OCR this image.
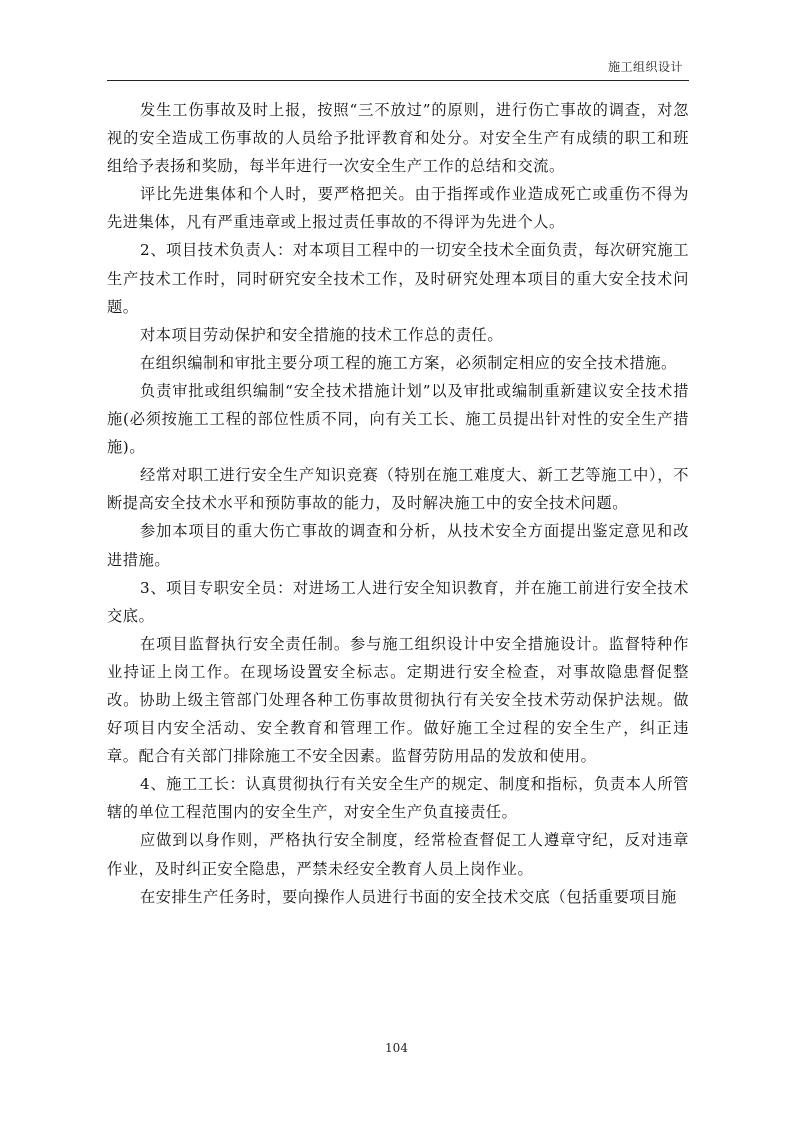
施工组织设计

发生工伤事故及时上报，按照“三不放过”的原则，进行伤亡事故的调查，对忽视的安全造成工伤事故的人员给予批评教育和处分。对安全生产有成绩的职工和班组给予表扬和奖励，每半年进行一次安全生产工作的总结和交流。

评比先进集体和个人时，要严格把关。由于指挥或作业造成死亡或重伤不得为先进集体，凡有严重违章或上报过责任事故的不得评为先进个人。

2、项目技术负责人：对本项目工程中的一切安全技术全面负责，每次研究施工生产技术工作时，同时研究安全技术工作，及时研究处理本项目的重大安全技术问题。

对本项目劳动保护和安全措施的技术工作总的责任。

在组织编制和审批主要分项工程的施工方案，必须制定相应的安全技术措施。

负责审批或组织编制“安全技术措施计划”以及审批或编制重新建议安全技术措施(必须按施工工程的部位性质不同，向有关工长、施工员提出针对性的安全生产措施)。

经常对职工进行安全生产知识竞赛（特别在施工难度大、新工艺等施工中），不断提高安全技术水平和预防事故的能力，及时解决施工中的安全技术问题。

参加本项目的重大伤亡事故的调查和分析，从技术安全方面提出鉴定意见和改进措施。

3、项目专职安全员：对进场工人进行安全知识教育，并在施工前进行安全技术交底。

在项目监督执行安全责任制。参与施工组织设计中安全措施设计。监督特种作业持证上岗工作。在现场设置安全标志。定期进行安全检查，对事故隐患督促整改。协助上级主管部门处理各种工伤事故贯彻执行有关安全技术劳动保护法规。做好项目内安全活动、安全教育和管理工作。做好施工全过程的安全生产，纠正违章。配合有关部门排除施工不安全因素。监督劳防用品的发放和使用。

4、施工工长：认真贯彻执行有关安全生产的规定、制度和指标，负责本人所管辖的单位工程范围内的安全生产，对安全生产负直接责任。

应做到以身作则，严格执行安全制度，经常检查督促工人遵章守纪，反对违章作业，及时纠正安全隐患，严禁未经安全教育人员上岗作业。

在安排生产任务时，要向操作人员进行书面的安全技术交底（包括重要项目施

104
